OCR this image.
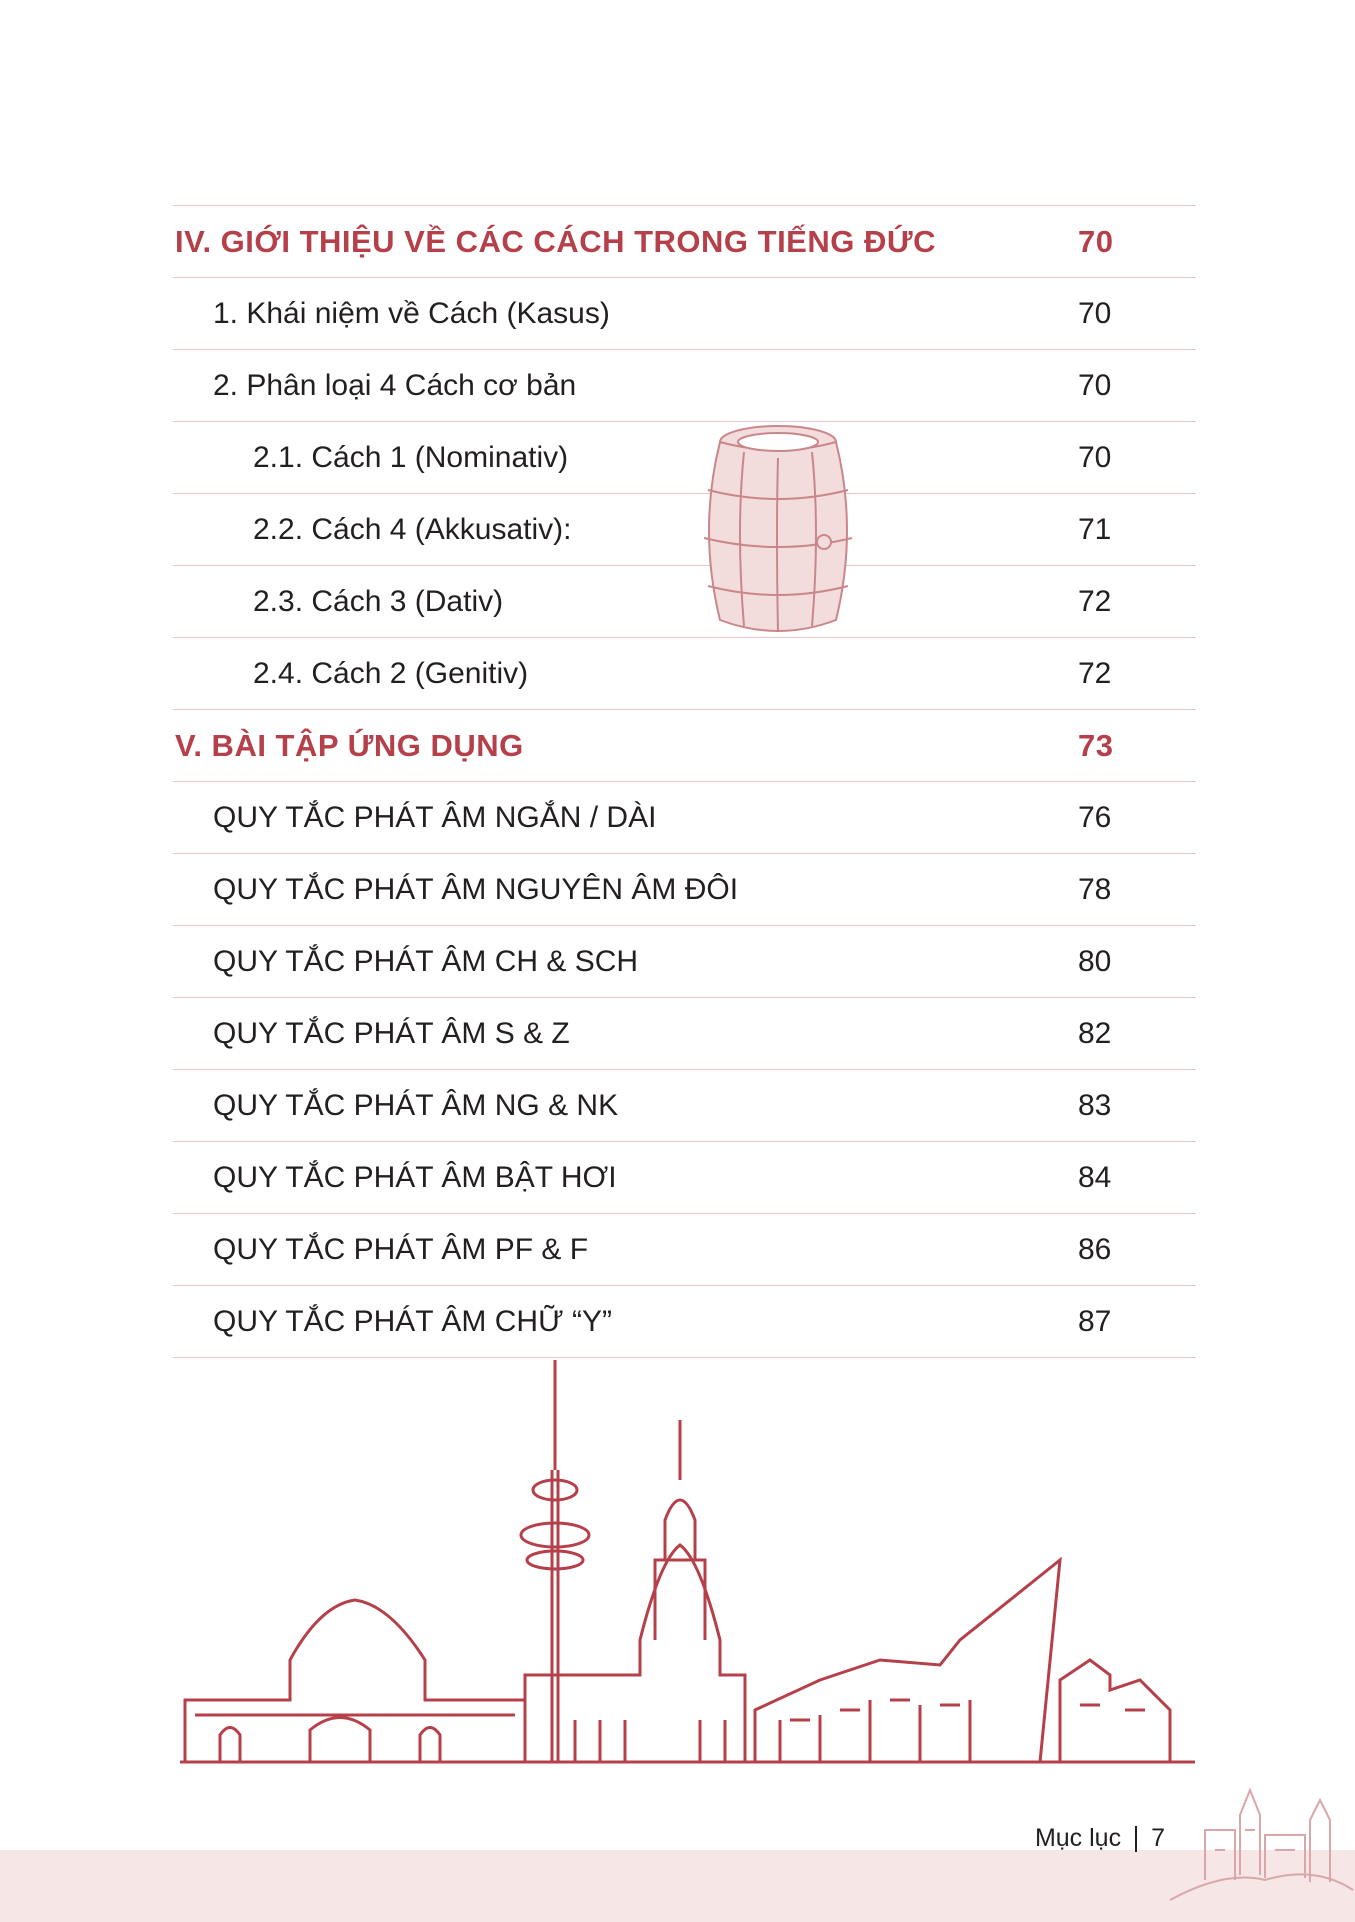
IV. GIỚI THIỆU VỀ CÁC CÁCH TRONG TIẾNG ĐỨC	70
1. Khái niệm về Cách (Kasus)	70
2. Phân loại 4 Cách cơ bản	70
2.1. Cách 1 (Nominativ)	70
2.2. Cách 4 (Akkusativ):	71
2.3. Cách 3 (Dativ)	72
2.4. Cách 2 (Genitiv)	72
V. BÀI TẬP ỨNG DỤNG	73
QUY TẮC PHÁT ÂM NGẮN / DÀI	76
QUY TẮC PHÁT ÂM NGUYÊN ÂM ĐÔI	78
QUY TẮC PHÁT ÂM CH & SCH	80
QUY TẮC PHÁT ÂM S & Z	82
QUY TẮC PHÁT ÂM NG & NK	83
QUY TẮC PHÁT ÂM BẬT HƠI	84
QUY TẮC PHÁT ÂM PF & F	86
QUY TẮC PHÁT ÂM CHỮ “Y”	87
Mục lục 7
